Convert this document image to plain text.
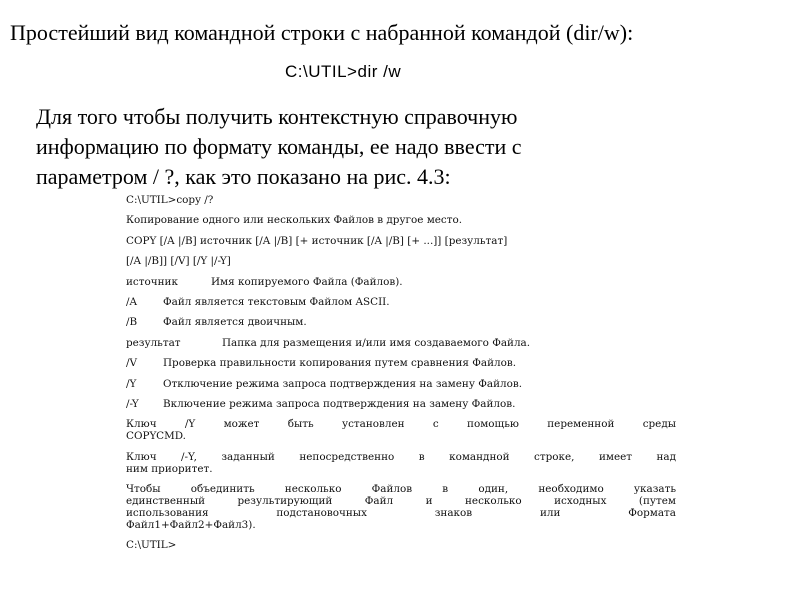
Простейший вид командной строки с набранной командой (dir/w):
C:\UTIL>dir /w
Для того чтобы получить контекстную справочную
информацию по формату команды, ее надо ввести с
параметром / ?, как это показано на рис. 4.3:
C:\UTIL>copy /?
Копирование одного или нескольких Файлов в другое место.
COPY [/A |/B] источник [/A |/B] [+ источник [/A |/B] [+ ...]] [результат]
[/A |/B]] [/V] [/Y |/-Y]
источник	Имя копируемого Файла (Файлов).
/A	Файл является текстовым Файлом ASCII.
/B	Файл является двоичным.
результат	Папка для размещения и/или имя создаваемого Файла.
/V	Проверка правильности копирования путем сравнения Файлов.
/Y	Отключение режима запроса подтверждения на замену Файлов.
/-Y	Включение режима запроса подтверждения на замену Файлов.
Ключ /Y может быть установлен с помощью переменной среды
COPYCMD.
Ключ /-Y, заданный непосредственно в командной строке, имеет над
ним приоритет.
Чтобы объединить несколько Файлов в один, необходимо указать
единственный результирующий Файл и несколько исходных (путем
использования подстановочных знаков или Формата
Файл1+Файл2+Файл3).
C:\UTIL>
